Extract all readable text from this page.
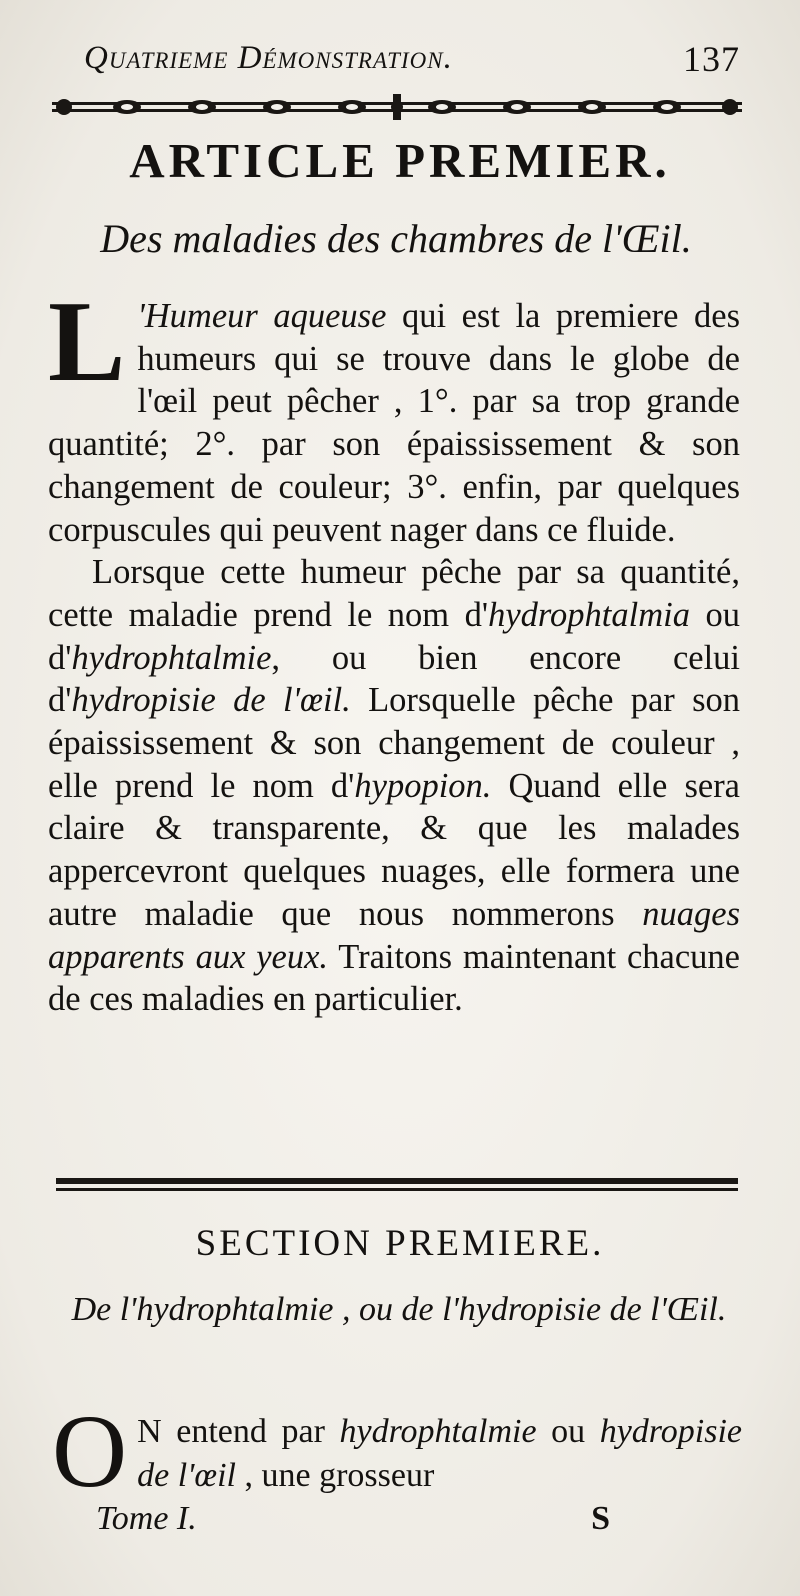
Quatrieme Démonstration.	137
ARTICLE PREMIER.
Des maladies des chambres de l'Œil.

L 'Humeur aqueuse qui est la premiere des humeurs qui se trouve dans le globe de l'œil peut pêcher , 1°. par sa trop grande quantité; 2°. par son épaississement & son changement de couleur; 3°. enfin, par quelques corpuscules qui peuvent nager dans ce fluide.

Lorsque cette humeur pêche par sa quantité, cette maladie prend le nom d'hydrophtalmia ou d'hydrophtalmie, ou bien encore celui d'hydropisie de l'œil. Lorsquelle pêche par son épaississement & son changement de couleur , elle prend le nom d'hypopion. Quand elle sera claire & transparente, & que les malades appercevront quelques nuages, elle formera une autre maladie que nous nommerons nuages apparents aux yeux. Traitons maintenant chacune de ces maladies en particulier.

SECTION PREMIERE.
De l'hydrophtalmie , ou de l'hydropisie de l'Œil.
O N entend par hydrophtalmie ou hydropisie de l'œil , une grosseur
Tome I.	S
